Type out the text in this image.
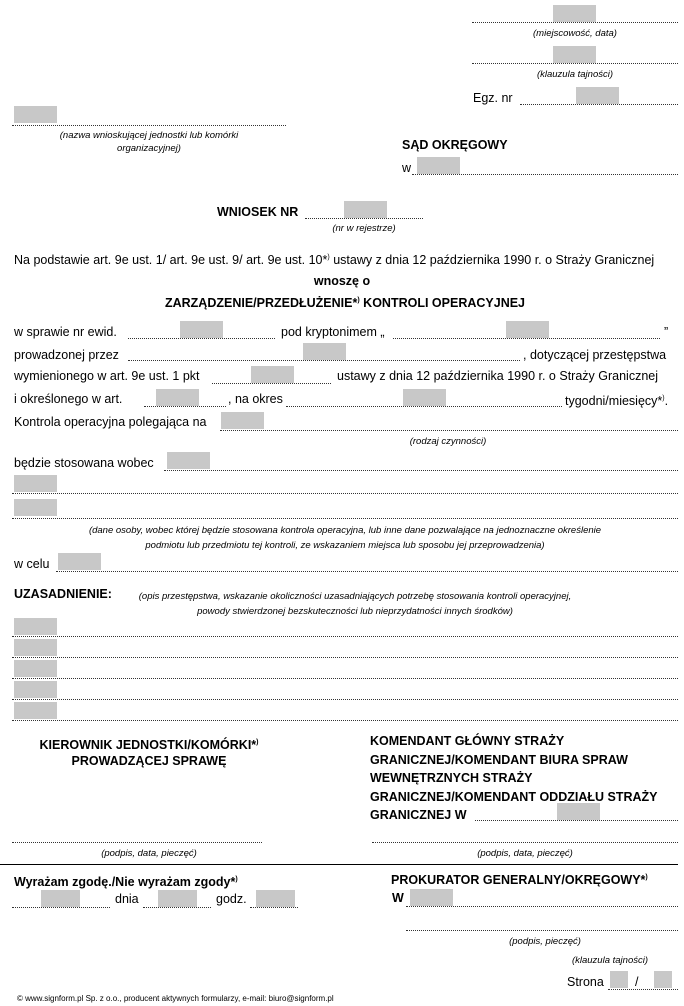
(miejscowość, data)
(klauzula tajności)
Egz. nr
(nazwa wnioskującej jednostki lub komórki
organizacyjnej)	SĄD OKRĘGOWY
w
WNIOSEK NR
(nr w rejestrze)
Na podstawie art. 9e ust. 1/ art. 9e ust. 9/ art. 9e ust. 10*) ustawy z dnia 12 października 1990 r. o Straży Granicznej
wnoszę o
ZARZĄDZENIE/PRZEDŁUŻENIE*) KONTROLI OPERACYJNEJ
w sprawie nr ewid.	pod kryptonimem „	”
prowadzonej przez	, dotyczącej przestępstwa
wymienionego w art. 9e ust. 1 pkt	ustawy z dnia 12 października 1990 r. o Straży Granicznej
i określonego w art.	, na okres	tygodni/miesięcy*).
Kontrola operacyjna polegająca na
(rodzaj czynności)
będzie stosowana wobec
(dane osoby, wobec której będzie stosowana kontrola operacyjna, lub inne dane pozwalające na jednoznaczne określenie
podmiotu lub przedmiotu tej kontroli, ze wskazaniem miejsca lub sposobu jej przeprowadzenia)
w celu
UZASADNIENIE:	(opis przestępstwa, wskazanie okoliczności uzasadniających potrzebę stosowania kontroli operacyjnej,
powody stwierdzonej bezskuteczności lub nieprzydatności innych środków)
KIEROWNIK JEDNOSTKI/KOMÓRKI*)
PROWADZĄCEJ SPRAWĘ
KOMENDANT GŁÓWNY STRAŻY
GRANICZNEJ/KOMENDANT BIURA SPRAW
WEWNĘTRZNYCH STRAŻY
GRANICZNEJ/KOMENDANT ODDZIAŁU STRAŻY
GRANICZNEJ W
(podpis, data, pieczęć)	(podpis, data, pieczęć)
Wyrażam zgodę./Nie wyrażam zgody*)
dnia	godz.
PROKURATOR GENERALNY/OKRĘGOWY*)
W
(podpis, pieczęć)
(klauzula tajności)
Strona /
© www.signform.pl Sp. z o.o., producent aktywnych formularzy, e-mail: biuro@signform.pl
